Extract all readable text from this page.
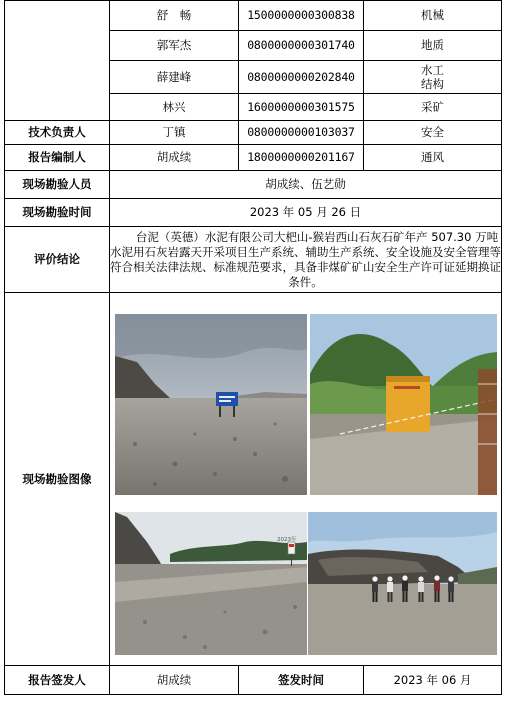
	舒　畅	1500000000300838	机械
	郭军杰	0800000000301740	地质
	薛建峰	0800000000202840	水工
结构
	林兴	1600000000301575	采矿
技术负责人	丁镇	0800000000103037	安全
报告编制人	胡成续	1800000000201167	通风
现场勘验人员	胡成续、伍艺勋		
现场勘验时间	2023 年 05 月 26 日		
评价结论	　　台泥（英德）水泥有限公司大杷山-猴岩西山石灰石矿年产 507.30 万吨水泥用石灰岩露天开采项目生产系统、辅助生产系统、安全设施及安全管理等符合相关法律法规、标准规范要求，具备非煤矿矿山安全生产许可证延期换证条件。		
现场勘验图像	2023年		

报告签发人	胡成续	签发时间	2023 年 06 月
